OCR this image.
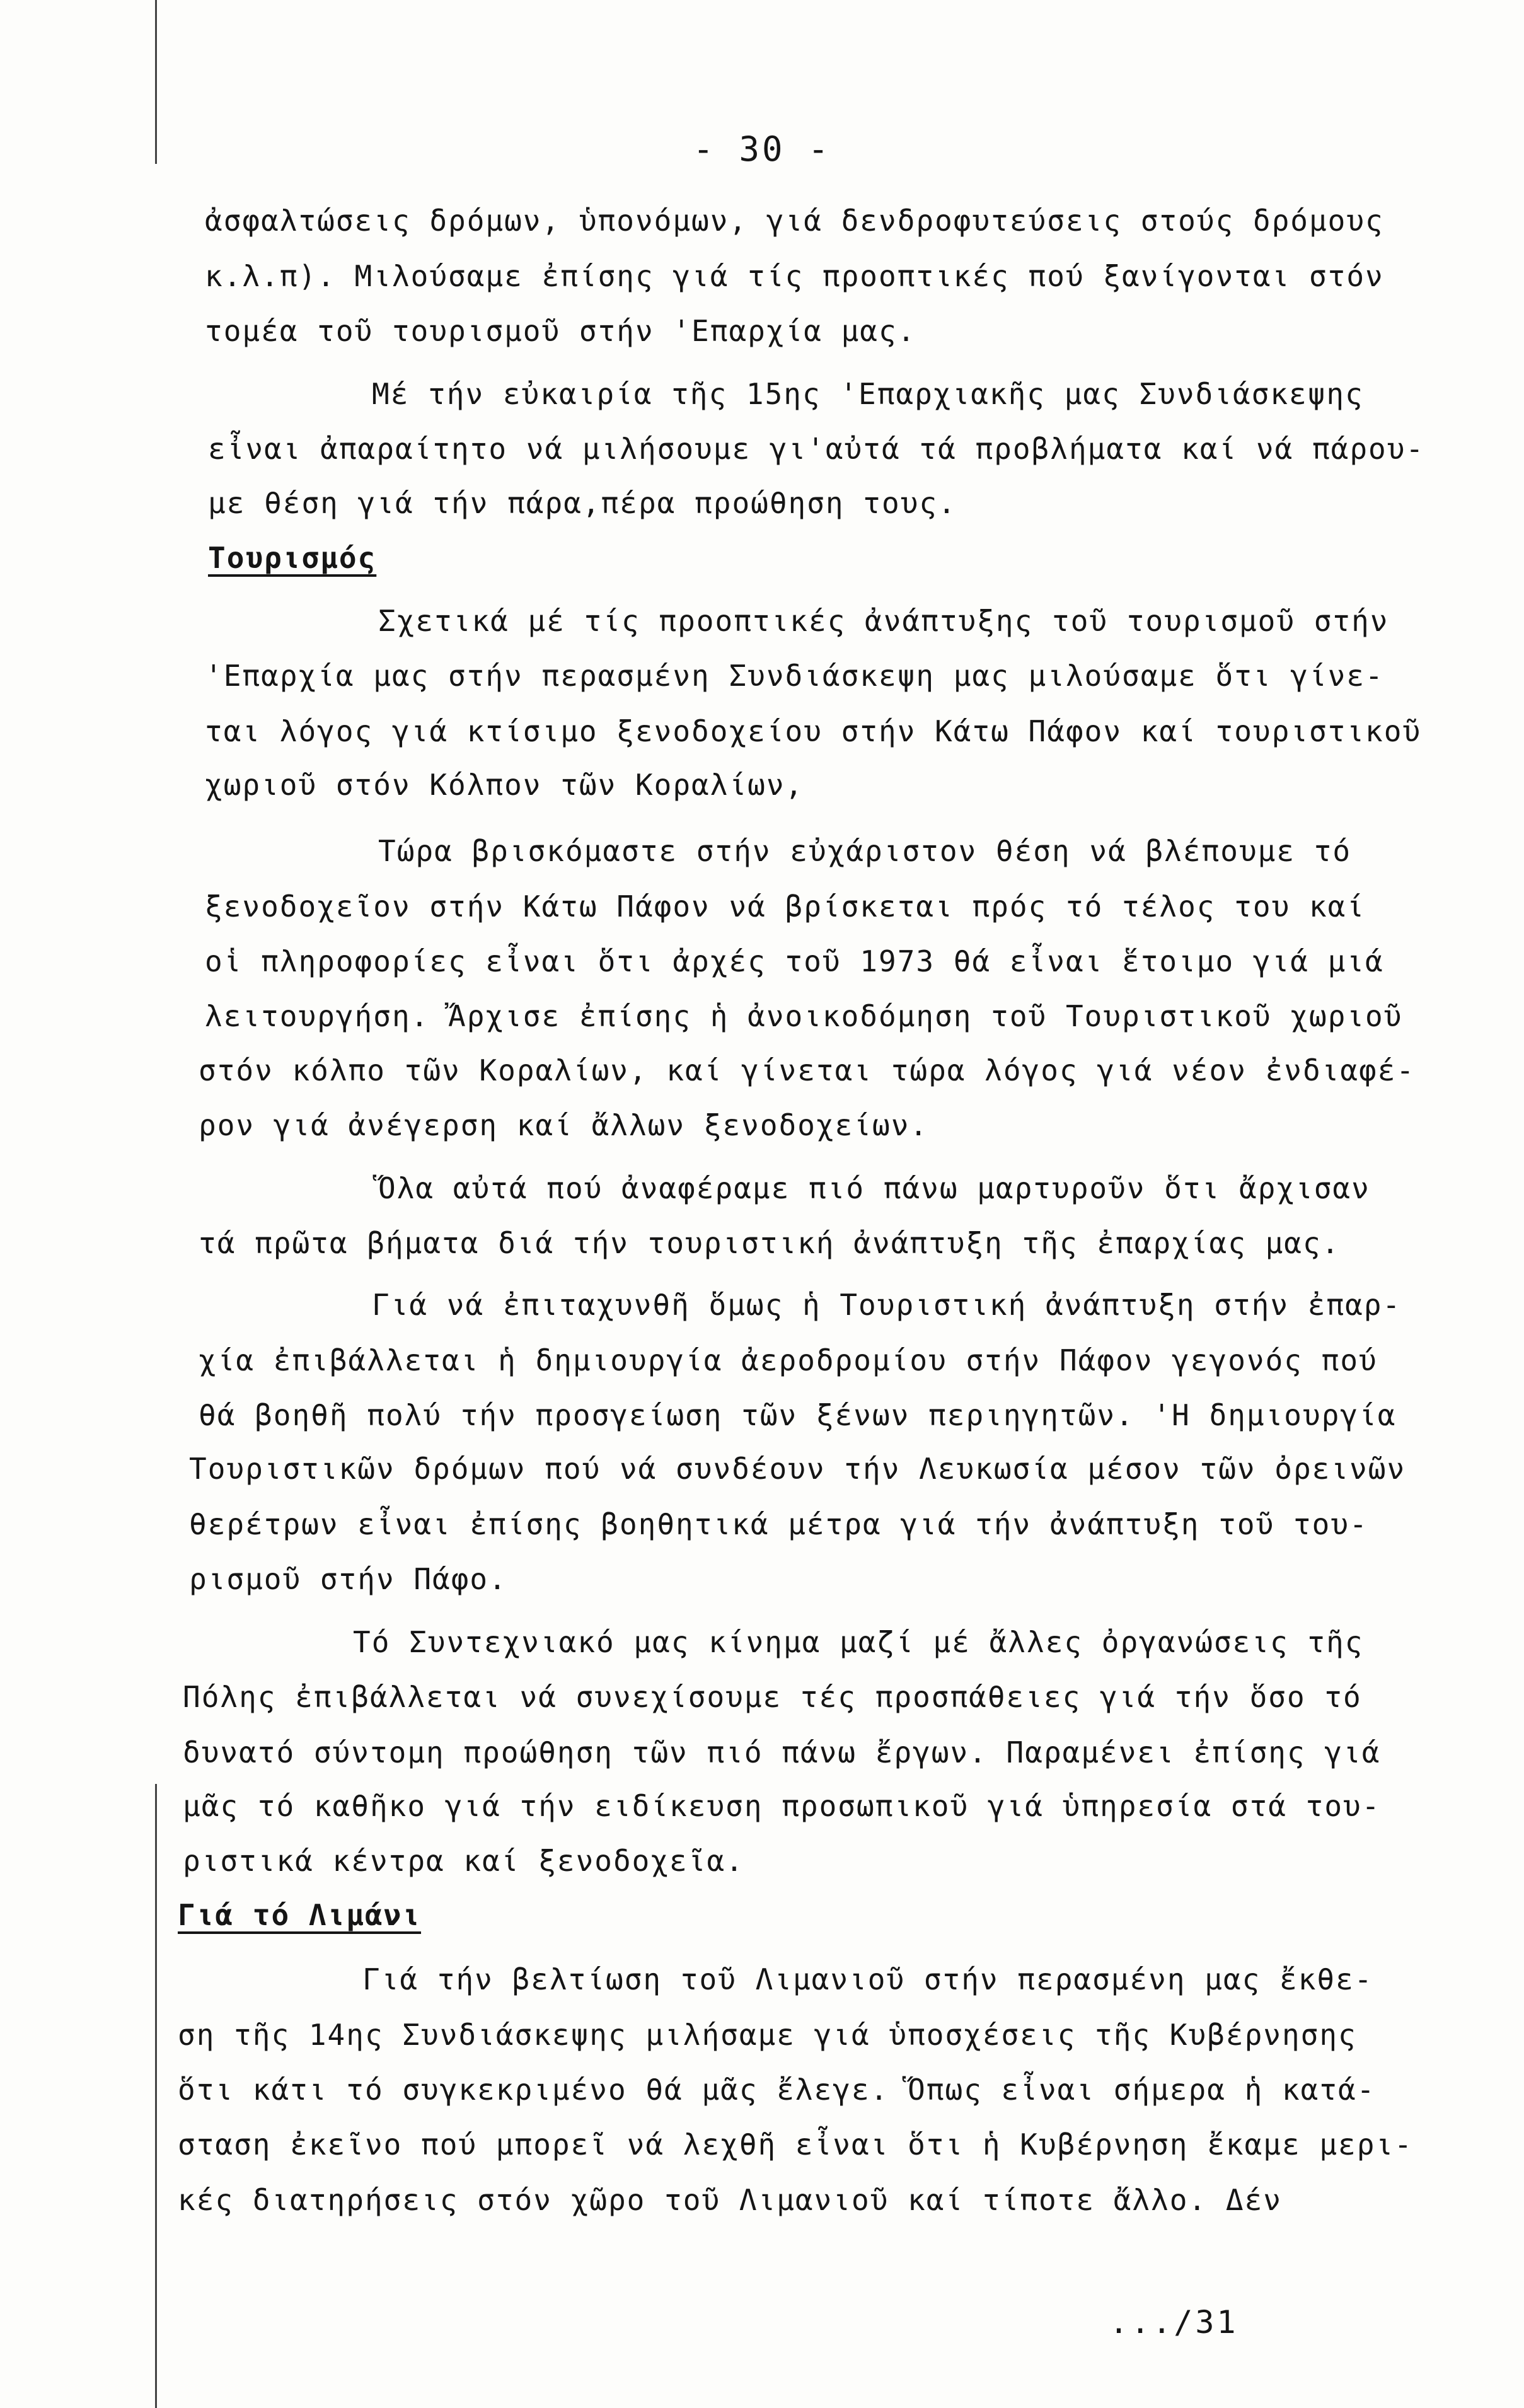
- 30 -
ἀσφαλτώσεις δρόμων, ὑπονόμων, γιά δενδροφυτεύσεις στούς δρόμους
κ.λ.π). Μιλούσαμε ἐπίσης γιά τίς προοπτικές πού ξανίγονται στόν
τομέα τοῦ τουρισμοῦ στήν 'Επαρχία μας.
Μέ τήν εὐκαιρία τῆς 15ης 'Επαρχιακῆς μας Συνδιάσκεψης
εἶναι ἀπαραίτητο νά μιλήσουμε γι'αὐτά τά προβλήματα καί νά πάρου-
με θέση γιά τήν πάρα,πέρα προώθηση τους.
Τουρισμός
Σχετικά μέ τίς προοπτικές ἀνάπτυξης τοῦ τουρισμοῦ στήν
'Επαρχία μας στήν περασμένη Συνδιάσκεψη μας μιλούσαμε ὅτι γίνε-
ται λόγος γιά κτίσιμο ξενοδοχείου στήν Κάτω Πάφον καί τουριστικοῦ
χωριοῦ στόν Κόλπον τῶν Κοραλίων,
Τώρα βρισκόμαστε στήν εὐχάριστον θέση νά βλέπουμε τό
ξενοδοχεῖον στήν Κάτω Πάφον νά βρίσκεται πρός τό τέλος του καί
οἱ πληροφορίες εἶναι ὅτι ἀρχές τοῦ 1973 θά εἶναι ἕτοιμο γιά μιά
λειτουργήση. Ἄρχισε ἐπίσης ἡ ἀνοικοδόμηση τοῦ Τουριστικοῦ χωριοῦ
στόν κόλπο τῶν Κοραλίων, καί γίνεται τώρα λόγος γιά νέον ἐνδιαφέ-
ρον γιά ἀνέγερση καί ἄλλων ξενοδοχείων.
Ὅλα αὐτά πού ἀναφέραμε πιό πάνω μαρτυροῦν ὅτι ἄρχισαν
τά πρῶτα βήματα διά τήν τουριστική ἀνάπτυξη τῆς ἐπαρχίας μας.
Γιά νά ἐπιταχυνθῆ ὅμως ἡ Τουριστική ἀνάπτυξη στήν ἐπαρ-
χία ἐπιβάλλεται ἡ δημιουργία ἀεροδρομίου στήν Πάφον γεγονός πού
θά βοηθῆ πολύ τήν προσγείωση τῶν ξένων περιηγητῶν. 'Η δημιουργία
Τουριστικῶν δρόμων πού νά συνδέουν τήν Λευκωσία μέσον τῶν ὀρεινῶν
θερέτρων εἶναι ἐπίσης βοηθητικά μέτρα γιά τήν ἀνάπτυξη τοῦ του-
ρισμοῦ στήν Πάφο.
Τό Συντεχνιακό μας κίνημα μαζί μέ ἄλλες ὀργανώσεις τῆς
Πόλης ἐπιβάλλεται νά συνεχίσουμε τές προσπάθειες γιά τήν ὅσο τό
δυνατό σύντομη προώθηση τῶν πιό πάνω ἔργων. Παραμένει ἐπίσης γιά
μᾶς τό καθῆκο γιά τήν ειδίκευση προσωπικοῦ γιά ὑπηρεσία στά του-
ριστικά κέντρα καί ξενοδοχεῖα.
Γιά τό Λιμάνι
Γιά τήν βελτίωση τοῦ Λιμανιοῦ στήν περασμένη μας ἔκθε-
ση τῆς 14ης Συνδιάσκεψης μιλήσαμε γιά ὑποσχέσεις τῆς Κυβέρνησης
ὅτι κάτι τό συγκεκριμένο θά μᾶς ἔλεγε. Ὅπως εἶναι σήμερα ἡ κατά-
σταση ἐκεῖνο πού μπορεῖ νά λεχθῆ εἶναι ὅτι ἡ Κυβέρνηση ἔκαμε μερι-
κές διατηρήσεις στόν χῶρο τοῦ Λιμανιοῦ καί τίποτε ἄλλο. Δέν
.../31
